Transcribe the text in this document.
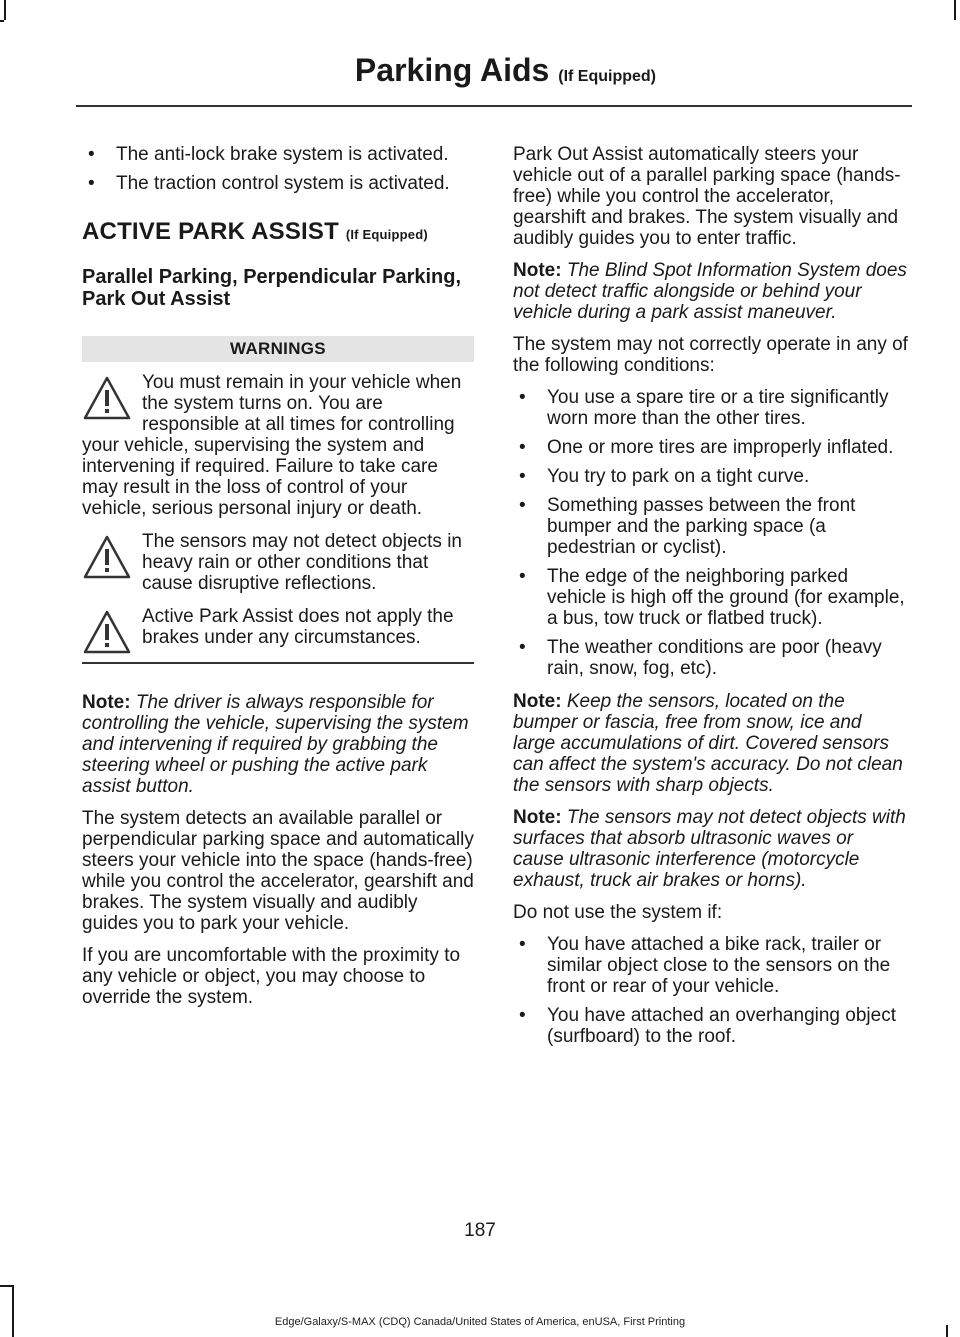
Parking Aids (If Equipped)
• The anti-lock brake system is activated.
• The traction control system is activated.
ACTIVE PARK ASSIST (If Equipped)
Parallel Parking, Perpendicular Parking, Park Out Assist
WARNINGS
You must remain in your vehicle when the system turns on. You are responsible at all times for controlling your vehicle, supervising the system and intervening if required. Failure to take care may result in the loss of control of your vehicle, serious personal injury or death.
The sensors may not detect objects in heavy rain or other conditions that cause disruptive reflections.
Active Park Assist does not apply the brakes under any circumstances.

Note: The driver is always responsible for controlling the vehicle, supervising the system and intervening if required by grabbing the steering wheel or pushing the active park assist button.

The system detects an available parallel or perpendicular parking space and automatically steers your vehicle into the space (hands-free) while you control the accelerator, gearshift and brakes. The system visually and audibly guides you to park your vehicle.

If you are uncomfortable with the proximity to any vehicle or object, you may choose to override the system.

Park Out Assist automatically steers your vehicle out of a parallel parking space (hands-free) while you control the accelerator, gearshift and brakes. The system visually and audibly guides you to enter traffic.

Note: The Blind Spot Information System does not detect traffic alongside or behind your vehicle during a park assist maneuver.

The system may not correctly operate in any of the following conditions:

• You use a spare tire or a tire significantly worn more than the other tires.
• One or more tires are improperly inflated.
• You try to park on a tight curve.
• Something passes between the front bumper and the parking space (a pedestrian or cyclist).
• The edge of the neighboring parked vehicle is high off the ground (for example, a bus, tow truck or flatbed truck).
• The weather conditions are poor (heavy rain, snow, fog, etc).

Note: Keep the sensors, located on the bumper or fascia, free from snow, ice and large accumulations of dirt. Covered sensors can affect the system's accuracy. Do not clean the sensors with sharp objects.

Note: The sensors may not detect objects with surfaces that absorb ultrasonic waves or cause ultrasonic interference (motorcycle exhaust, truck air brakes or horns).

Do not use the system if:

• You have attached a bike rack, trailer or similar object close to the sensors on the front or rear of your vehicle.
• You have attached an overhanging object (surfboard) to the roof.
187
Edge/Galaxy/S-MAX (CDQ) Canada/United States of America, enUSA, First Printing
